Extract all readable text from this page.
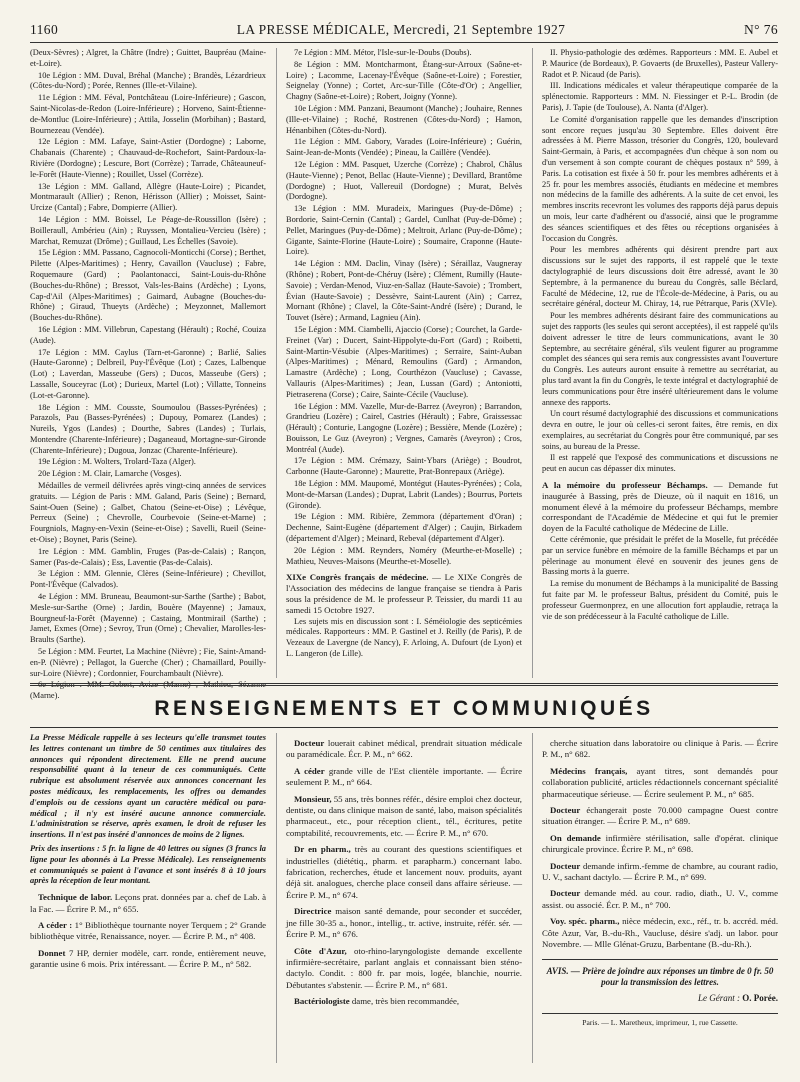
1160	LA PRESSE MÉDICALE, Mercredi, 21 Septembre 1927	N° 76

(Deux-Sèvres) ; Algret, la Châtre (Indre) ; Guittet, Baupréau (Maine-et-Loire).

10e Légion : MM. Duval, Bréhal (Manche) ; Brandès, Lézardrieux (Côtes-du-Nord) ; Porée, Rennes (Ille-et-Vilaine).

11e Légion : MM. Féval, Pontchâteau (Loire-Inférieure) ; Gascon, Saint-Nicolas-de-Redon (Loire-Inférieure) ; Horveno, Saint-Étienne-de-Montluc (Loire-Inférieure) ; Attila, Josselin (Morbihan) ; Bastard, Bournezeau (Vendée).

12e Légion : MM. Lafaye, Saint-Astier (Dordogne) ; Laborne, Chabanais (Charente) ; Chauvaud-de-Rochefort, Saint-Pardoux-la-Rivière (Dordogne) ; Lescure, Bort (Corrèze) ; Tarrade, Châteauneuf-le-Forêt (Haute-Vienne) ; Rouillet, Ussel (Corrèze).

13e Légion : MM. Galland, Allègre (Haute-Loire) ; Picandet, Montmarault (Allier) ; Renon, Hérisson (Allier) ; Moisset, Saint-Urcize (Cantal) ; Fabre, Dompierre (Allier).

14e Légion : MM. Boissel, Le Péage-de-Roussillon (Isère) ; Boilleraull, Ambérieu (Ain) ; Ruyssen, Montalieu-Vercieu (Isère) ; Marchat, Remuzat (Drôme) ; Guillaud, Les Échelles (Savoie).

15e Légion : MM. Passano, Cagnocoli-Monticchi (Corse) ; Berthet, Pilette (Alpes-Maritimes) ; Henry, Cavaillon (Vaucluse) ; Fabre, Roquemaure (Gard) ; Paolantonacci, Saint-Louis-du-Rhône (Bouches-du-Rhône) ; Bressot, Vals-les-Bains (Ardèche) ; Lyons, Cap-d'Ail (Alpes-Maritimes) ; Gaimard, Aubagne (Bouches-du-Rhône) ; Giraud, Thueyts (Ardèche) ; Meyzonnet, Mallemort (Bouches-du-Rhône).

16e Légion : MM. Villebrun, Capestang (Hérault) ; Roché, Couiza (Aude).

17e Légion : MM. Caylus (Tarn-et-Garonne) ; Barlié, Salies (Haute-Garonne) ; Delbreil, Puy-l'Évêque (Lot) ; Cazes, Lalbenque (Lot) ; Laverdan, Masseube (Gers) ; Ducos, Masseube (Gers) ; Lassalle, Souceyrac (Lot) ; Durieux, Martel (Lot) ; Villatte, Tonneins (Lot-et-Garonne).

18e Légion : MM. Cousste, Soumoulou (Basses-Pyrénées) ; Parazols, Pau (Basses-Pyrénées) ; Dupouy, Pomarez (Landes) ; Nureils, Ygos (Landes) ; Dourthe, Sabres (Landes) ; Turlais, Montendre (Charente-Inférieure) ; Daganeaud, Mortagne-sur-Gironde (Charente-Inférieure) ; Dugoua, Jonzac (Charente-Inférieure).

19e Légion : M. Wolters, Trolard-Taza (Alger).

20e Légion : M. Clair, Lamarche (Vosges).

Médailles de vermeil délivrées après vingt-cinq années de services gratuits. — Légion de Paris : MM. Galand, Paris (Seine) ; Bernard, Saint-Ouen (Seine) ; Galbet, Chatou (Seine-et-Oise) ; Lévêque, Perreux (Seine) ; Chevrolle, Courbevoie (Seine-et-Marne) ; Fourgniols, Magny-en-Vexin (Seine-et-Oise) ; Savelli, Rueil (Seine-et-Oise) ; Boynet, Paris (Seine).

1re Légion : MM. Gamblin, Fruges (Pas-de-Calais) ; Rançon, Samer (Pas-de-Calais) ; Ess, Laventie (Pas-de-Calais).

3e Légion : MM. Glennie, Clères (Seine-Inférieure) ; Chevillot, Pont-l'Évêque (Calvados).

4e Légion : MM. Bruneau, Beaumont-sur-Sarthe (Sarthe) ; Babot, Mesle-sur-Sarthe (Orne) ; Jardin, Bouère (Mayenne) ; Jamaux, Bourgneuf-la-Forêt (Mayenne) ; Castaing, Montmirail (Sarthe) ; Jamet, Exmes (Orne) ; Sevroy, Trun (Orne) ; Chevalier, Marolles-les-Braults (Sarthe).

5e Légion : MM. Feurtet, La Machine (Nièvre) ; Fie, Saint-Amand-en-P. (Nièvre) ; Pellagot, la Guerche (Cher) ; Chamaillard, Pouilly-sur-Loire (Nièvre) ; Cordonnier, Fourchambault (Nièvre).

6e Légion : MM. Gobert, Avize (Marne) ; Mathieu, Sézanne (Marne).

7e Légion : MM. Métor, l'Isle-sur-le-Doubs (Doubs).

8e Légion : MM. Montcharmont, Étang-sur-Arroux (Saône-et-Loire) ; Lacomme, Lacenay-l'Évêque (Saône-et-Loire) ; Forestier, Seignelay (Yonne) ; Cortet, Arc-sur-Tille (Côte-d'Or) ; Angellier, Chagny (Saône-et-Loire) ; Robert, Joigny (Yonne).

10e Légion : MM. Panzani, Beaumont (Manche) ; Jouhaire, Rennes (Ille-et-Vilaine) ; Roché, Rostrenen (Côtes-du-Nord) ; Hamon, Hénanbihen (Côtes-du-Nord).

11e Légion : MM. Gabory, Varades (Loire-Inférieure) ; Guérin, Saint-Jean-de-Monts (Vendée) ; Pineau, la Caillère (Vendée).

12e Légion : MM. Pasquet, Uzerche (Corrèze) ; Chabrol, Châlus (Haute-Vienne) ; Penot, Bellac (Haute-Vienne) ; Devillard, Brantôme (Dordogne) ; Huot, Vallereuil (Dordogne) ; Murat, Belvès (Dordogne).

13e Légion : MM. Muradeix, Maringues (Puy-de-Dôme) ; Bordorie, Saint-Cernin (Cantal) ; Gardel, Cunlhat (Puy-de-Dôme) ; Pellet, Maringues (Puy-de-Dôme) ; Meltroit, Arlanc (Puy-de-Dôme) ; Gigante, Sainte-Florine (Haute-Loire) ; Soumaire, Craponne (Haute-Loire).

14e Légion : MM. Daclin, Vinay (Isère) ; Séraillaz, Vaugneray (Rhône) ; Robert, Pont-de-Chéruy (Isère) ; Clément, Rumilly (Haute-Savoie) ; Verdan-Menod, Viuz-en-Sallaz (Haute-Savoie) ; Trombert, Évian (Haute-Savoie) ; Dessèvre, Saint-Laurent (Ain) ; Carrez, Mornant (Rhône) ; Clavel, la Côte-Saint-André (Isère) ; Durand, le Touvet (Isère) ; Armand, Lagnieu (Ain).

15e Légion : MM. Ciambelli, Ajaccio (Corse) ; Courchet, la Garde-Freinet (Var) ; Ducert, Saint-Hippolyte-du-Fort (Gard) ; Roibetti, Saint-Martin-Vésubie (Alpes-Maritimes) ; Serraire, Saint-Auban (Alpes-Maritimes) ; Ménard, Remoulins (Gard) ; Armandon, Lamastre (Ardèche) ; Long, Courthézon (Vaucluse) ; Cavasse, Vallauris (Alpes-Maritimes) ; Jean, Lussan (Gard) ; Antoniotti, Pietraserena (Corse) ; Caire, Sainte-Cécile (Vaucluse).

16e Légion : MM. Vazelle, Mur-de-Barrez (Aveyron) ; Barrandon, Grandrieu (Lozère) ; Cairel, Castries (Hérault) ; Fabre, Graissessac (Hérault) ; Conturie, Langogne (Lozère) ; Bessière, Mende (Lozère) ; Bouisson, Le Guz (Aveyron) ; Vergnes, Camarès (Aveyron) ; Cros, Montréal (Aude).

17e Légion : MM. Crémazy, Saint-Ybars (Ariège) ; Boudrot, Carbonne (Haute-Garonne) ; Maurette, Prat-Bonrepaux (Ariège).

18e Légion : MM. Maupomé, Montégut (Hautes-Pyrénées) ; Cola, Mont-de-Marsan (Landes) ; Duprat, Labrit (Landes) ; Bourrus, Portets (Gironde).

19e Légion : MM. Ribière, Zemmora (département d'Oran) ; Dechenne, Saint-Eugène (département d'Alger) ; Caujin, Birkadem (département d'Alger) ; Meinard, Rebeval (département d'Alger).

20e Légion : MM. Reynders, Noméry (Meurthe-et-Moselle) ; Mathieu, Neuves-Maisons (Meurthe-et-Moselle).

XIXe Congrès français de médecine. — Le XIXe Congrès de l'Association des médecins de langue française se tiendra à Paris sous la présidence de M. le professeur P. Teissier, du mardi 11 au samedi 15 Octobre 1927.

Les sujets mis en discussion sont : I. Séméiologie des septicémies médicales. Rapporteurs : MM. P. Gastinel et J. Reilly (de Paris), P. de Vezeaux de Lavergne (de Nancy), F. Arloing, A. Dufourt (de Lyon) et L. Langeron (de Lille).

II. Physio-pathologie des œdèmes. Rapporteurs : MM. E. Aubel et P. Maurice (de Bordeaux), P. Govaerts (de Bruxelles), Pasteur Vallery-Radot et P. Nicaud (de Paris).

III. Indications médicales et valeur thérapeutique comparée de la splénectomie. Rapporteurs : MM. N. Fiessinger et P.-L. Brodin (de Paris), J. Tapie (de Toulouse), A. Nanta (d'Alger).

Le Comité d'organisation rappelle que les demandes d'inscription sont encore reçues jusqu'au 30 Septembre. Elles doivent être adressées à M. Pierre Masson, trésorier du Congrès, 120, boulevard Saint-Germain, à Paris, et accompagnées d'un chèque à son nom ou d'un versement à son compte courant de chèques postaux n° 599, à Paris. La cotisation est fixée à 50 fr. pour les membres adhérents et à 25 fr. pour les membres associés, étudiants en médecine et membres non médecins de la famille des adhérents. A la suite de cet envoi, les membres inscrits recevront les volumes des rapports déjà parus depuis un mois, leur carte d'adhérent ou d'associé, ainsi que le programme des séances scientifiques et des fêtes ou réceptions organisées à l'occasion du Congrès.

Pour les membres adhérents qui désirent prendre part aux discussions sur le sujet des rapports, il est rappelé que le texte dactylographié de leurs discussions doit être adressé, avant le 30 Septembre, à la permanence du bureau du Congrès, salle Béclard, Faculté de Médecine, 12, rue de l'École-de-Médecine, à Paris, ou au secrétaire général, docteur M. Chiray, 14, rue Pétrarque, Paris (XVIe).

Pour les membres adhérents désirant faire des communications au sujet des rapports (les seules qui seront acceptées), il est rappelé qu'ils doivent adresser le titre de leurs communications, avant le 30 Septembre, au secrétaire général, s'ils veulent figurer au programme complet des séances qui sera remis aux congressistes avant l'ouverture du Congrès. Les auteurs auront ensuite à remettre au secrétariat, au plus tard avant la fin du Congrès, le texte intégral et dactylographié de leurs communications pour être inséré ultérieurement dans le volume annexe des rapports.

Un court résumé dactylographié des discussions et communications devra en outre, le jour où celles-ci seront faites, être remis, en dix exemplaires, au secrétariat du Congrès pour être communiqué, par ses soins, au bureau de la Presse.

Il est rappelé que l'exposé des communications et discussions ne peut en aucun cas dépasser dix minutes.

A la mémoire du professeur Béchamps. — Demande fut inaugurée à Bassing, près de Dieuze, où il naquit en 1816, un monument élevé à la mémoire du professeur Béchamps, membre correspondant de l'Académie de Médecine et qui fut le premier doyen de la Faculté catholique de Médecine de Lille.

Cette cérémonie, que présidait le préfet de la Moselle, fut précédée par un service funèbre en mémoire de la famille Béchamps et par un pèlerinage au monument élevé en souvenir des jeunes gens de Bassing morts à la guerre.

La remise du monument de Béchamps à la municipalité de Bassing fut faite par M. le professeur Baltus, président du Comité, puis le professeur Guermonprez, en une allocution fort applaudie, retraça la vie de son prédécesseur à la Faculté catholique de Lille.

RENSEIGNEMENTS ET COMMUNIQUÉS

La Presse Médicale rappelle à ses lecteurs qu'elle transmet toutes les lettres contenant un timbre de 50 centimes aux titulaires des annonces qui répondent directement. Elle ne prend aucune responsabilité quant à la teneur de ces communiqués. Cette rubrique est absolument réservée aux annonces concernant les postes médicaux, les remplacements, les offres ou demandes d'emplois ou de cessions ayant un caractère médical ou para-médical ; il n'y est inséré aucune annonce commerciale. L'administration se réserve, après examen, le droit de refuser les insertions. Il n'est pas inséré d'annonces de moins de 2 lignes.

Prix des insertions : 5 fr. la ligne de 40 lettres ou signes (3 francs la ligne pour les abonnés à La Presse Médicale). Les renseignements et communiqués se paient à l'avance et sont insérés 8 à 10 jours après la réception de leur montant.

Technique de labor. Leçons prat. données par a. chef de Lab. à la Fac. — Écrire P. M., n° 655.

A céder : 1° Bibliothèque tournante noyer Terquem ; 2° Grande bibliothèque vitrée, Renaissance, noyer. — Écrire P. M., n° 408.

Donnet 7 HP, dernier modèle, carr. ronde, entièrement neuve, garantie usine 6 mois. Prix intéressant. — Écrire P. M., n° 582.

Docteur louerait cabinet médical, prendrait situation médicale ou paramédicale. Écr. P. M., n° 662.

A céder grande ville de l'Est clientèle importante. — Écrire seulement P. M., n° 664.

Monsieur, 55 ans, très bonnes référ., désire emploi chez docteur, dentiste, ou dans clinique maison de santé, labo, maison spécialités pharmaceut., etc., pour réception client., tél., écritures, petite comptabilité, recouvrements, etc. — Écrire P. M., n° 670.

Dr en pharm., très au courant des questions scientifiques et industrielles (diététiq., pharm. et parapharm.) concernant labo. fabrication, recherches, étude et lancement nouv. produits, ayant déjà sit. analogues, cherche place conseil dans affaire sérieuse. — Écrire P. M., n° 674.

Directrice maison santé demande, pour seconder et succéder, jne fille 30-35 a., honor., intellig., tr. active, instruite, référ. sér. — Écrire P. M., n° 676.

Côte d'Azur, oto-rhino-laryngologiste demande excellente infirmière-secrétaire, parlant anglais et connaissant bien sténo-dactylo. Condit. : 800 fr. par mois, logée, blanchie, nourrie. Débutantes s'abstenir. — Écrire P. M., n° 681.

Bactériologiste dame, très bien recommandée,

cherche situation dans laboratoire ou clinique à Paris. — Écrire P. M., n° 682.

Médecins français, ayant titres, sont demandés pour collaboration publicité, articles rédactionnels concernant spécialité pharmaceutique sérieuse. — Écrire seulement P. M., n° 685.

Docteur échangerait poste 70.000 campagne Ouest contre situation étranger. — Écrire P. M., n° 689.

On demande infirmière stérilisation, salle d'opérat. clinique chirurgicale province. Écrire P. M., n° 698.

Docteur demande infirm.-femme de chambre, au courant radio, U. V., sachant dactylo. — Écrire P. M., n° 699.

Docteur demande méd. au cour. radio, diath., U. V., comme assist. ou associé. Écr. P. M., n° 700.

Voy. spéc. pharm., nièce médecin, exc., réf., tr. b. accréd. méd. Côte Azur, Var, B.-du-Rh., Vaucluse, désire s'adj. un labor. pour Novembre. — Mlle Glénat-Gruzu, Barbentane (B.-du-Rh.).

AVIS. — Prière de joindre aux réponses un timbre de 0 fr. 50 pour la transmission des lettres.
Le Gérant : O. Porée.
Paris. — L. Maretheux, imprimeur, 1, rue Cassette.
